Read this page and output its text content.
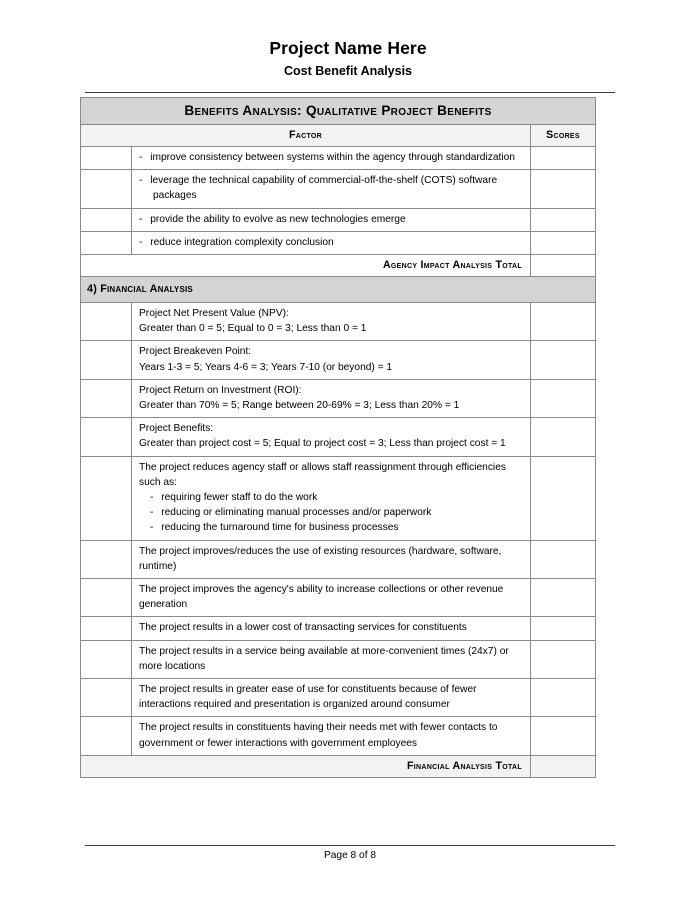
Project Name Here
Cost Benefit Analysis
Benefits Analysis: Qualitative Project Benefits		
Factor		Scores

	- improve consistency between systems within the agency through standardization	

	- leverage the technical capability of commercial-off-the-shelf (COTS) software packages	

	- provide the ability to evolve as new technologies emerge	

	- reduce integration complexity conclusion	

Agency Impact Analysis Total		
4) Financial Analysis		

	Project Net Present Value (NPV):
Greater than 0 = 5; Equal to 0 = 3; Less than 0 = 1	

	Project Breakeven Point:
Years 1-3 = 5; Years 4-6 = 3; Years 7-10 (or beyond) = 1	

	Project Return on Investment (ROI):
Greater than 70% = 5; Range between 20-69% = 3; Less than 20% = 1	

	Project Benefits:
Greater than project cost = 5; Equal to project cost = 3; Less than project cost = 1	

	The project reduces agency staff or allows staff reassignment through efficiencies such as:
- requiring fewer staff to do the work
- reducing or eliminating manual processes and/or paperwork
- reducing the turnaround time for business processes	

	The project improves/reduces the use of existing resources (hardware, software, runtime)	

	The project improves the agency's ability to increase collections or other revenue generation	

	The project results in a lower cost of transacting services for constituents	

	The project results in a service being available at more-convenient times (24x7) or more locations	

	The project results in greater ease of use for constituents because of fewer interactions required and presentation is organized around consumer	

	The project results in constituents having their needs met with fewer contacts to government or fewer interactions with government employees	

Financial Analysis Total		
Page 8 of 8
